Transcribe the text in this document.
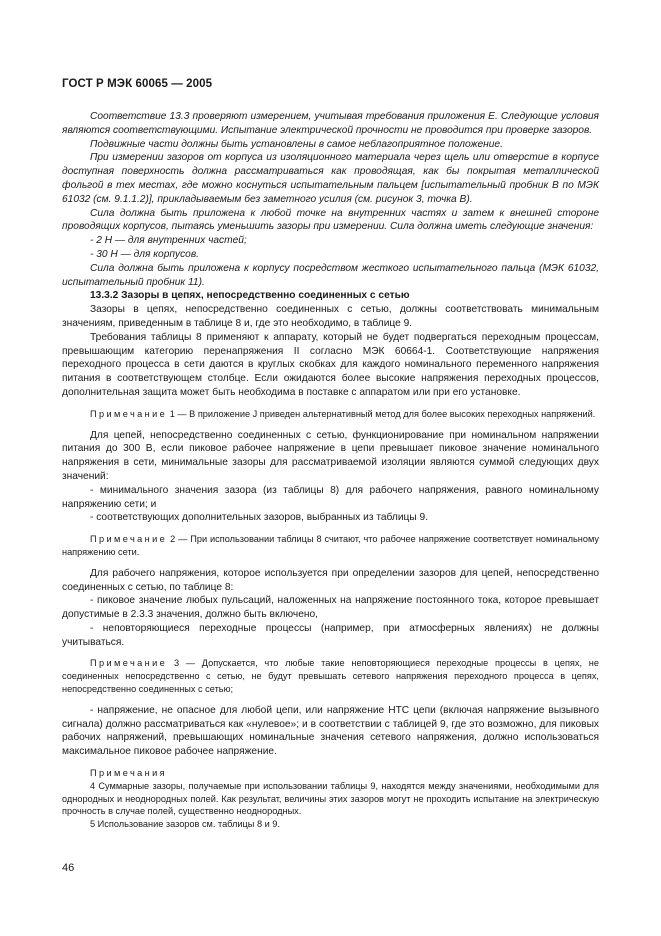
ГОСТ Р МЭК 60065 — 2005

Соответствие 13.3 проверяют измерением, учитывая требования приложения Е. Следующие условия являются соответствующими. Испытание электрической прочности не проводится при проверке зазоров.

Подвижные части должны быть установлены в самое неблагоприятное положение.

При измерении зазоров от корпуса из изоляционного материала через щель или отверстие в корпусе доступная поверхность должна рассматриваться как проводящая, как бы покрытая металлической фольгой в тех местах, где можно коснуться испытательным пальцем [испытательный пробник В по МЭК 61032 (см. 9.1.1.2)], прикладываемым без заметного усилия (см. рисунок 3, точка В).

Сила должна быть приложена к любой точке на внутренних частях и затем к внешней стороне проводящих корпусов, пытаясь уменьшить зазоры при измерении. Сила должна иметь следующие значения:

- 2 Н — для внутренних частей;

- 30 Н — для корпусов.

Сила должна быть приложена к корпусу посредством жесткого испытательного пальца (МЭК 61032, испытательный пробник 11).

13.3.2 Зазоры в цепях, непосредственно соединенных с сетью

Зазоры в цепях, непосредственно соединенных с сетью, должны соответствовать минимальным значениям, приведенным в таблице 8 и, где это необходимо, в таблице 9.

Требования таблицы 8 применяют к аппарату, который не будет подвергаться переходным процессам, превышающим категорию перенапряжения II согласно МЭК 60664-1. Соответствующие напряжения переходного процесса в сети даются в круглых скобках для каждого номинального переменного напряжения питания в соответствующем столбце. Если ожидаются более высокие напряжения переходных процессов, дополнительная защита может быть необходима в поставке с аппаратом или при его установке.

Примечание 1 — В приложение J приведен альтернативный метод для более высоких переходных напряжений.

Для цепей, непосредственно соединенных с сетью, функционирование при номинальном напряжении питания до 300 В, если пиковое рабочее напряжение в цепи превышает пиковое значение номинального напряжения в сети, минимальные зазоры для рассматриваемой изоляции являются суммой следующих двух значений:

- минимального значения зазора (из таблицы 8) для рабочего напряжения, равного номинальному напряжению сети; и

- соответствующих дополнительных зазоров, выбранных из таблицы 9.

Примечание 2 — При использовании таблицы 8 считают, что рабочее напряжение соответствует номинальному напряжению сети.

Для рабочего напряжения, которое используется при определении зазоров для цепей, непосредственно соединенных с сетью, по таблице 8:

- пиковое значение любых пульсаций, наложенных на напряжение постоянного тока, которое превышает допустимые в 2.3.3 значения, должно быть включено,

- неповторяющиеся переходные процессы (например, при атмосферных явлениях) не должны учитываться.

Примечание 3 — Допускается, что любые такие неповторяющиеся переходные процессы в цепях, не соединенных непосредственно с сетью, не будут превышать сетевого напряжения переходного процесса в цепях, непосредственно соединенных с сетью;

- напряжение, не опасное для любой цепи, или напряжение НТС цепи (включая напряжение вызывного сигнала) должно рассматриваться как «нулевое»; и в соответствии с таблицей 9, где это возможно, для пиковых рабочих напряжений, превышающих номинальные значения сетевого напряжения, должно использоваться максимальное пиковое рабочее напряжение.

Примечания

4 Суммарные зазоры, получаемые при использовании таблицы 9, находятся между значениями, необходимыми для однородных и неоднородных полей. Как результат, величины этих зазоров могут не проходить испытание на электрическую прочность в случае полей, существенно неоднородных.

5 Использование зазоров см. таблицы 8 и 9.

46
